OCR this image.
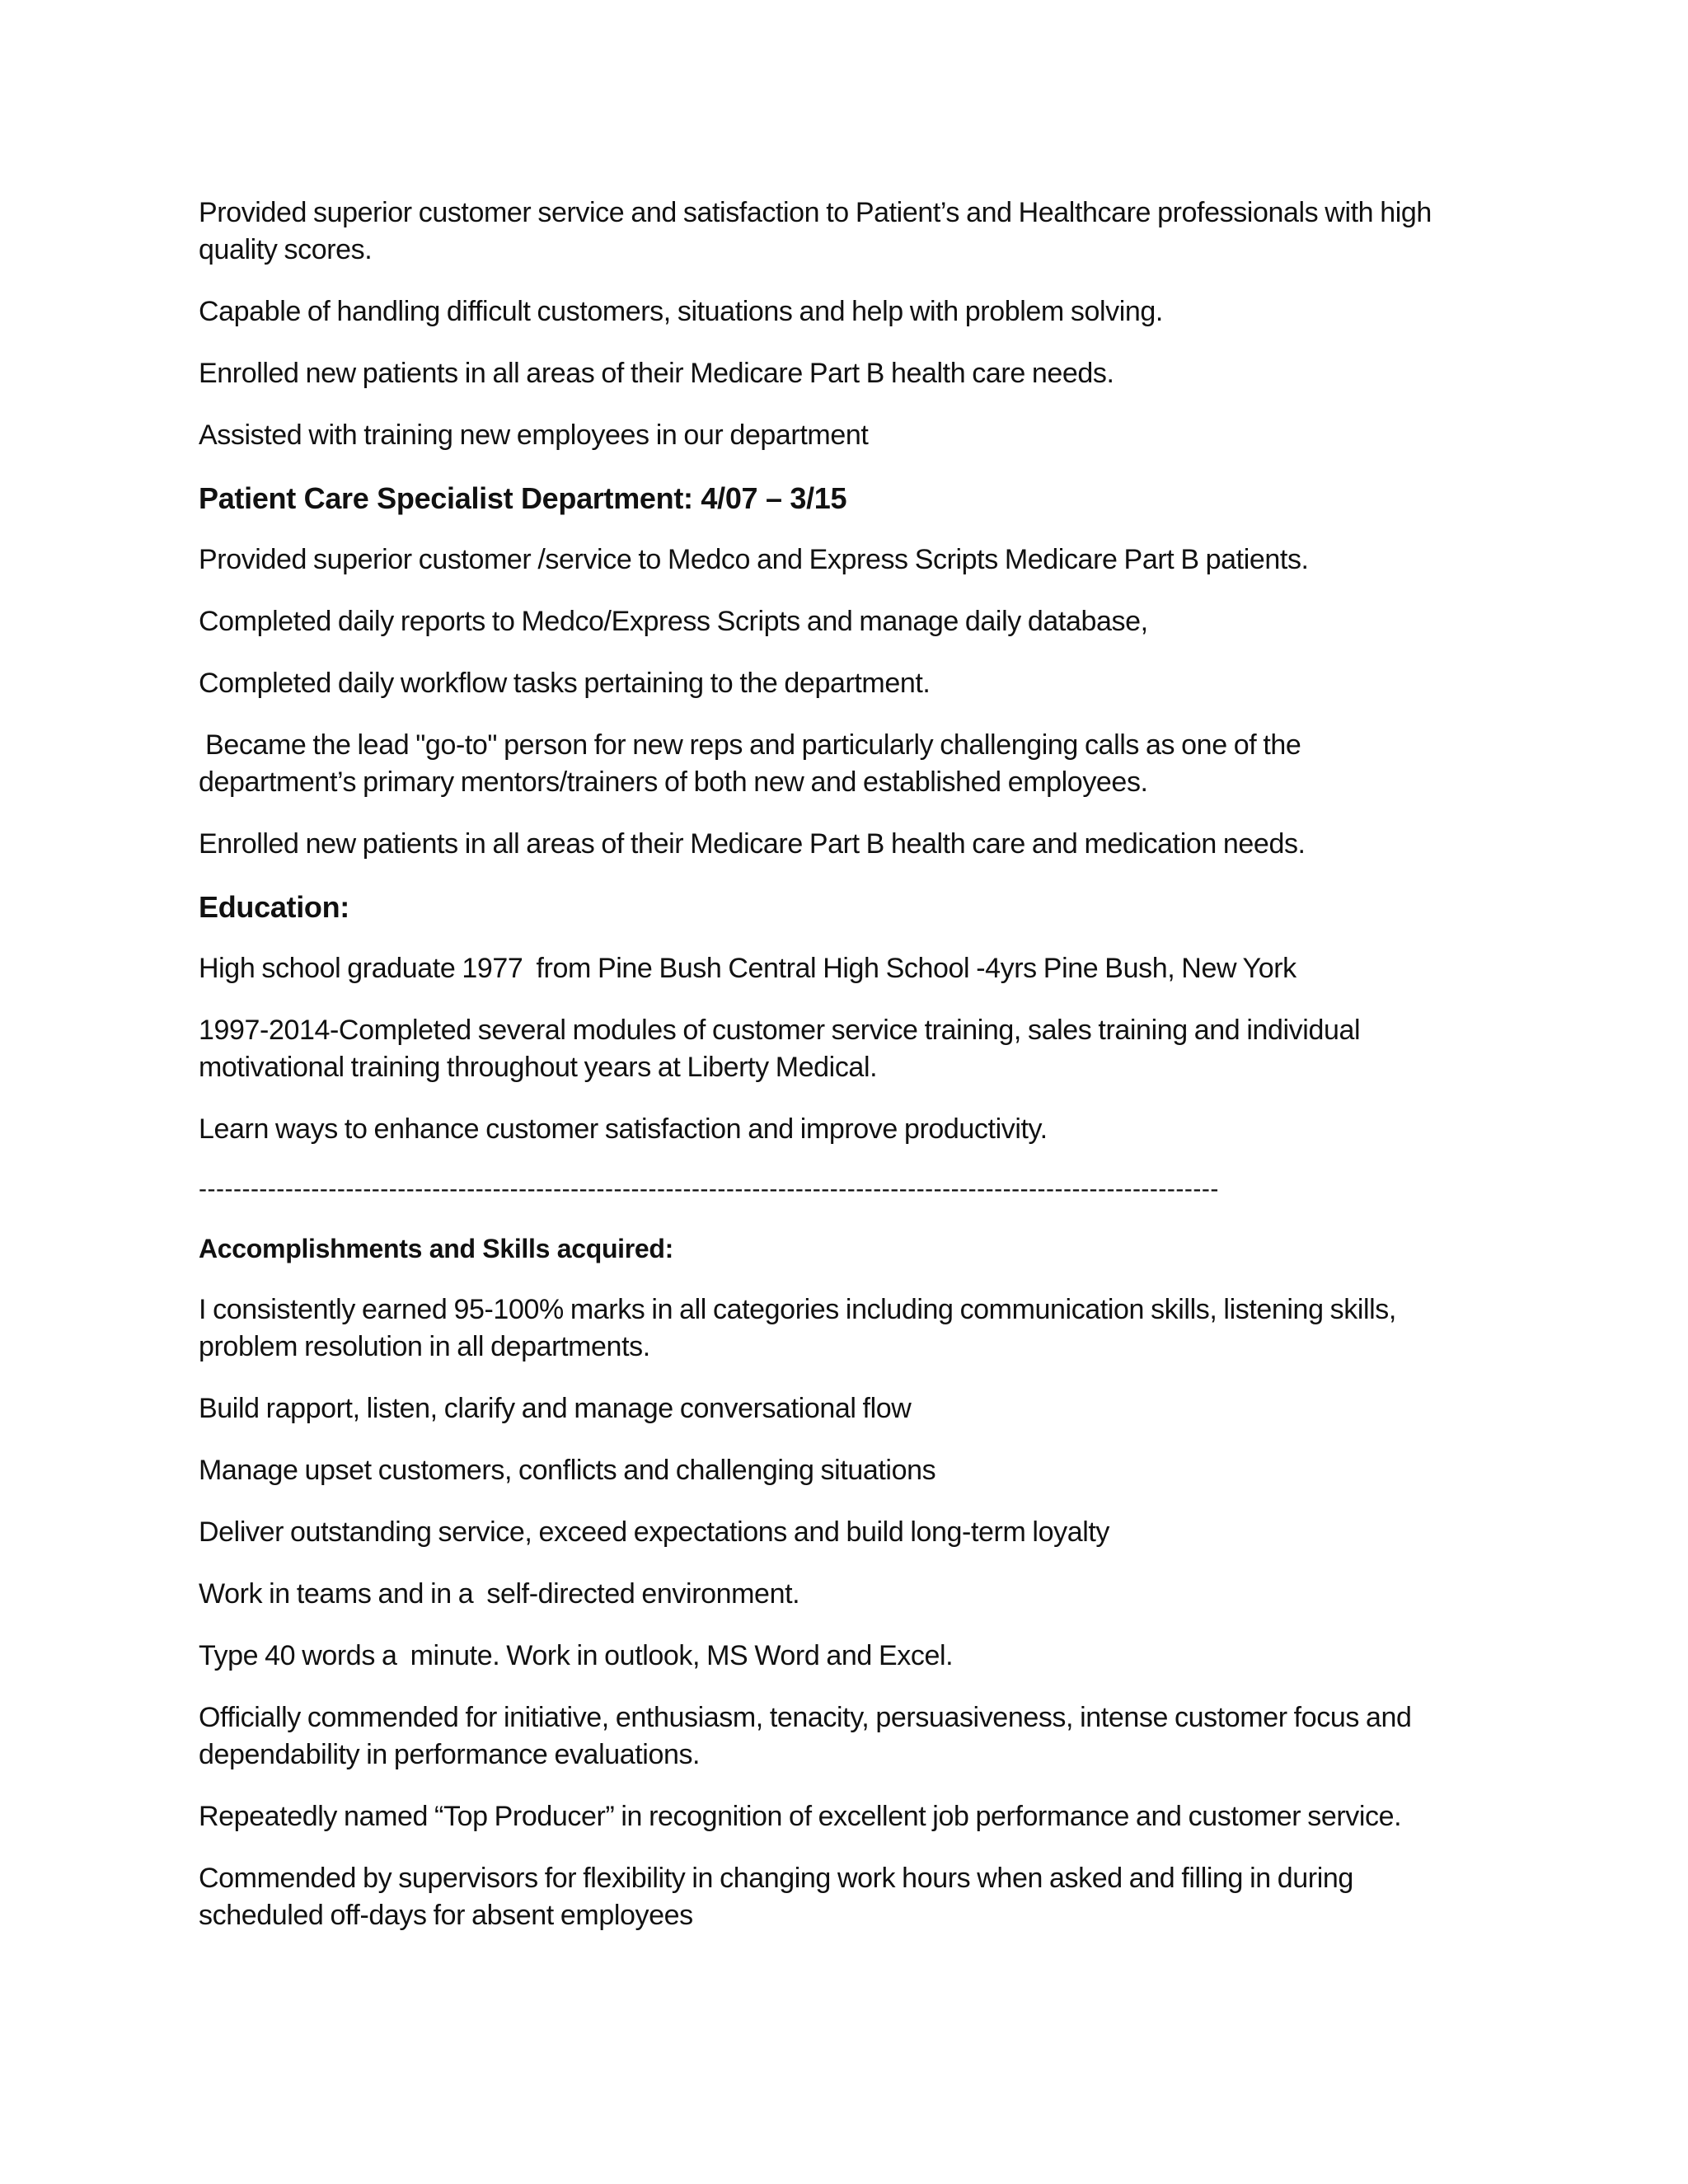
Provided superior customer service and satisfaction to Patient’s and Healthcare professionals with high quality scores.

Capable of handling difficult customers, situations and help with problem solving.

Enrolled new patients in all areas of their Medicare Part B health care needs.

Assisted with training new employees in our department

Patient Care Specialist Department: 4/07 – 3/15

Provided superior customer /service to Medco and Express Scripts Medicare Part B patients.

Completed daily reports to Medco/Express Scripts and manage daily database,

Completed daily workflow tasks pertaining to the department.

Became the lead "go-to" person for new reps and particularly challenging calls as one of the department’s primary mentors/trainers of both new and established employees.

Enrolled new patients in all areas of their Medicare Part B health care and medication needs.

Education:

High school graduate 1977  from Pine Bush Central High School -4yrs Pine Bush, New York

1997-2014-Completed several modules of customer service training, sales training and individual motivational training throughout years at Liberty Medical.

Learn ways to enhance customer satisfaction and improve productivity.

----------------------------------------------------------------------------------------------------------------------
Accomplishments and Skills acquired:

I consistently earned 95-100% marks in all categories including communication skills, listening skills, problem resolution in all departments.

Build rapport, listen, clarify and manage conversational flow

Manage upset customers, conflicts and challenging situations

Deliver outstanding service, exceed expectations and build long-term loyalty

Work in teams and in a  self-directed environment.

Type 40 words a  minute. Work in outlook, MS Word and Excel.

Officially commended for initiative, enthusiasm, tenacity, persuasiveness, intense customer focus and dependability in performance evaluations.

Repeatedly named “Top Producer” in recognition of excellent job performance and customer service.

Commended by supervisors for flexibility in changing work hours when asked and filling in during scheduled off-days for absent employees
